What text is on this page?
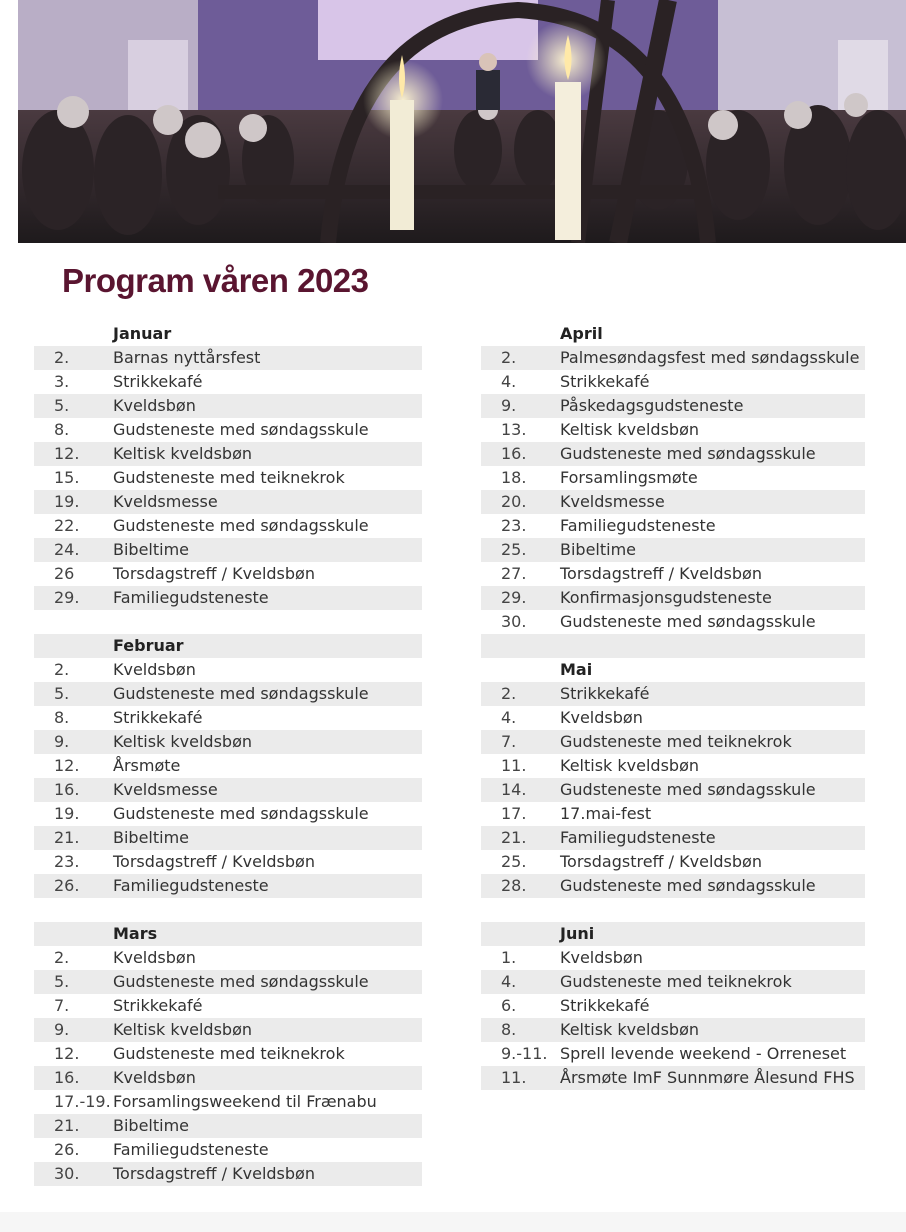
Program våren 2023
Januar
2.	Barnas nyttårsfest
3.	Strikkekafé
5.	Kveldsbøn
8.	Gudsteneste med søndagsskule
12. Keltisk kveldsbøn
15. Gudsteneste med teiknekrok
19. Kveldsmesse
22. Gudsteneste med søndagsskule
24. Bibeltime
26 Torsdagstreff / Kveldsbøn
29. Familiegudsteneste
Februar
2.	Kveldsbøn
5.	Gudsteneste med søndagsskule
8.	Strikkekafé
9.	Keltisk kveldsbøn
12. Årsmøte
16. Kveldsmesse
19. Gudsteneste med søndagsskule
21. Bibeltime
23. Torsdagstreff / Kveldsbøn
26. Familiegudsteneste
Mars
2.	Kveldsbøn
5.	Gudsteneste med søndagsskule
7.	Strikkekafé
9.	Keltisk kveldsbøn
12. Gudsteneste med teiknekrok
16. Kveldsbøn
17.-19. Forsamlingsweekend til Frænabu
21. Bibeltime
26. Familiegudsteneste
30. Torsdagstreff / Kveldsbøn
April
2.	Palmesøndagsfest med søndagsskule
4.	Strikkekafé
9.	Påskedagsgudsteneste
13. Keltisk kveldsbøn
16. Gudsteneste med søndagsskule
18. Forsamlingsmøte
20. Kveldsmesse
23. Familiegudsteneste
25. Bibeltime
27. Torsdagstreff / Kveldsbøn
29. Konfirmasjonsgudsteneste
30. Gudsteneste med søndagsskule
Mai
2.	Strikkekafé
4.	Kveldsbøn
7.	Gudsteneste med teiknekrok
11. Keltisk kveldsbøn
14. Gudsteneste med søndagsskule
17. 17.mai-fest
21. Familiegudsteneste
25. Torsdagstreff / Kveldsbøn
28. Gudsteneste med søndagsskule
Juni
1.	Kveldsbøn
4.	Gudsteneste med teiknekrok
6.	Strikkekafé
8.	Keltisk kveldsbøn
9.-11. Sprell levende weekend - Orreneset
11. Årsmøte ImF Sunnmøre Ålesund FHS
